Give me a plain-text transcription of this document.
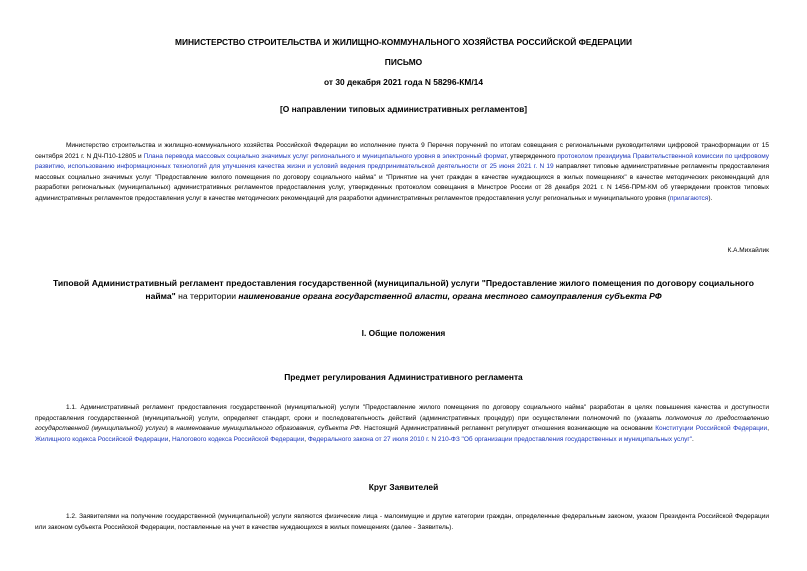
МИНИСТЕРСТВО СТРОИТЕЛЬСТВА И ЖИЛИЩНО-КОММУНАЛЬНОГО ХОЗЯЙСТВА РОССИЙСКОЙ ФЕДЕРАЦИИ
ПИСЬМО
от 30 декабря 2021 года N 58296-КМ/14
[О направлении типовых административных регламентов]
Министерство строительства и жилищно-коммунального хозяйства Российской Федерации во исполнение пункта 9 Перечня поручений по итогам совещания с региональными руководителями цифровой трансформации от 15 сентября 2021 г. N ДЧ-П10-12805 и Плана перевода массовых социально значимых услуг регионального и муниципального уровня в электронный формат, утвержденного протоколом президиума Правительственной комиссии по цифровому развитию, использованию информационных технологий для улучшения качества жизни и условий ведения предпринимательской деятельности от 25 июня 2021 г. N 19 направляет типовые административные регламенты предоставления массовых социально значимых услуг "Предоставление жилого помещения по договору социального найма" и "Принятие на учет граждан в качестве нуждающихся в жилых помещениях" в качестве методических рекомендаций для разработки региональных (муниципальных) административных регламентов предоставления услуг, утвержденных протоколом совещания в Минстрое России от 28 декабря 2021 г. N 1456-ПРМ-КМ об утверждении проектов типовых административных регламентов предоставления услуг в качестве методических рекомендаций для разработки административных регламентов предоставления услуг региональных и муниципального уровня (прилагаются).
К.А.Михайлик
Типовой Административный регламент предоставления государственной (муниципальной) услуги "Предоставление жилого помещения по договору социального найма" на территории наименование органа государственной власти, органа местного самоуправления субъекта РФ
I. Общие положения
Предмет регулирования Административного регламента
1.1. Административный регламент предоставления государственной (муниципальной) услуги "Предоставление жилого помещения по договору социального найма" разработан в целях повышения качества и доступности предоставления государственной (муниципальной) услуги, определяет стандарт, сроки и последовательность действий (административных процедур) при осуществлении полномочий по (указать полномочия по предоставлению государственной (муниципальной) услуги) в наименование муниципального образования, субъекта РФ. Настоящий Административный регламент регулирует отношения возникающие на основании Конституции Российской Федерации, Жилищного кодекса Российской Федерации, Налогового кодекса Российской Федерации, Федерального закона от 27 июля 2010 г. N 210-ФЗ "Об организации предоставления государственных и муниципальных услуг".
Круг Заявителей
1.2. Заявителями на получение государственной (муниципальной) услуги являются физические лица - малоимущие и другие категории граждан, определенные федеральным законом, указом Президента Российской Федерации или законом субъекта Российской Федерации, поставленные на учет в качестве нуждающихся в жилых помещениях (далее - Заявитель).
